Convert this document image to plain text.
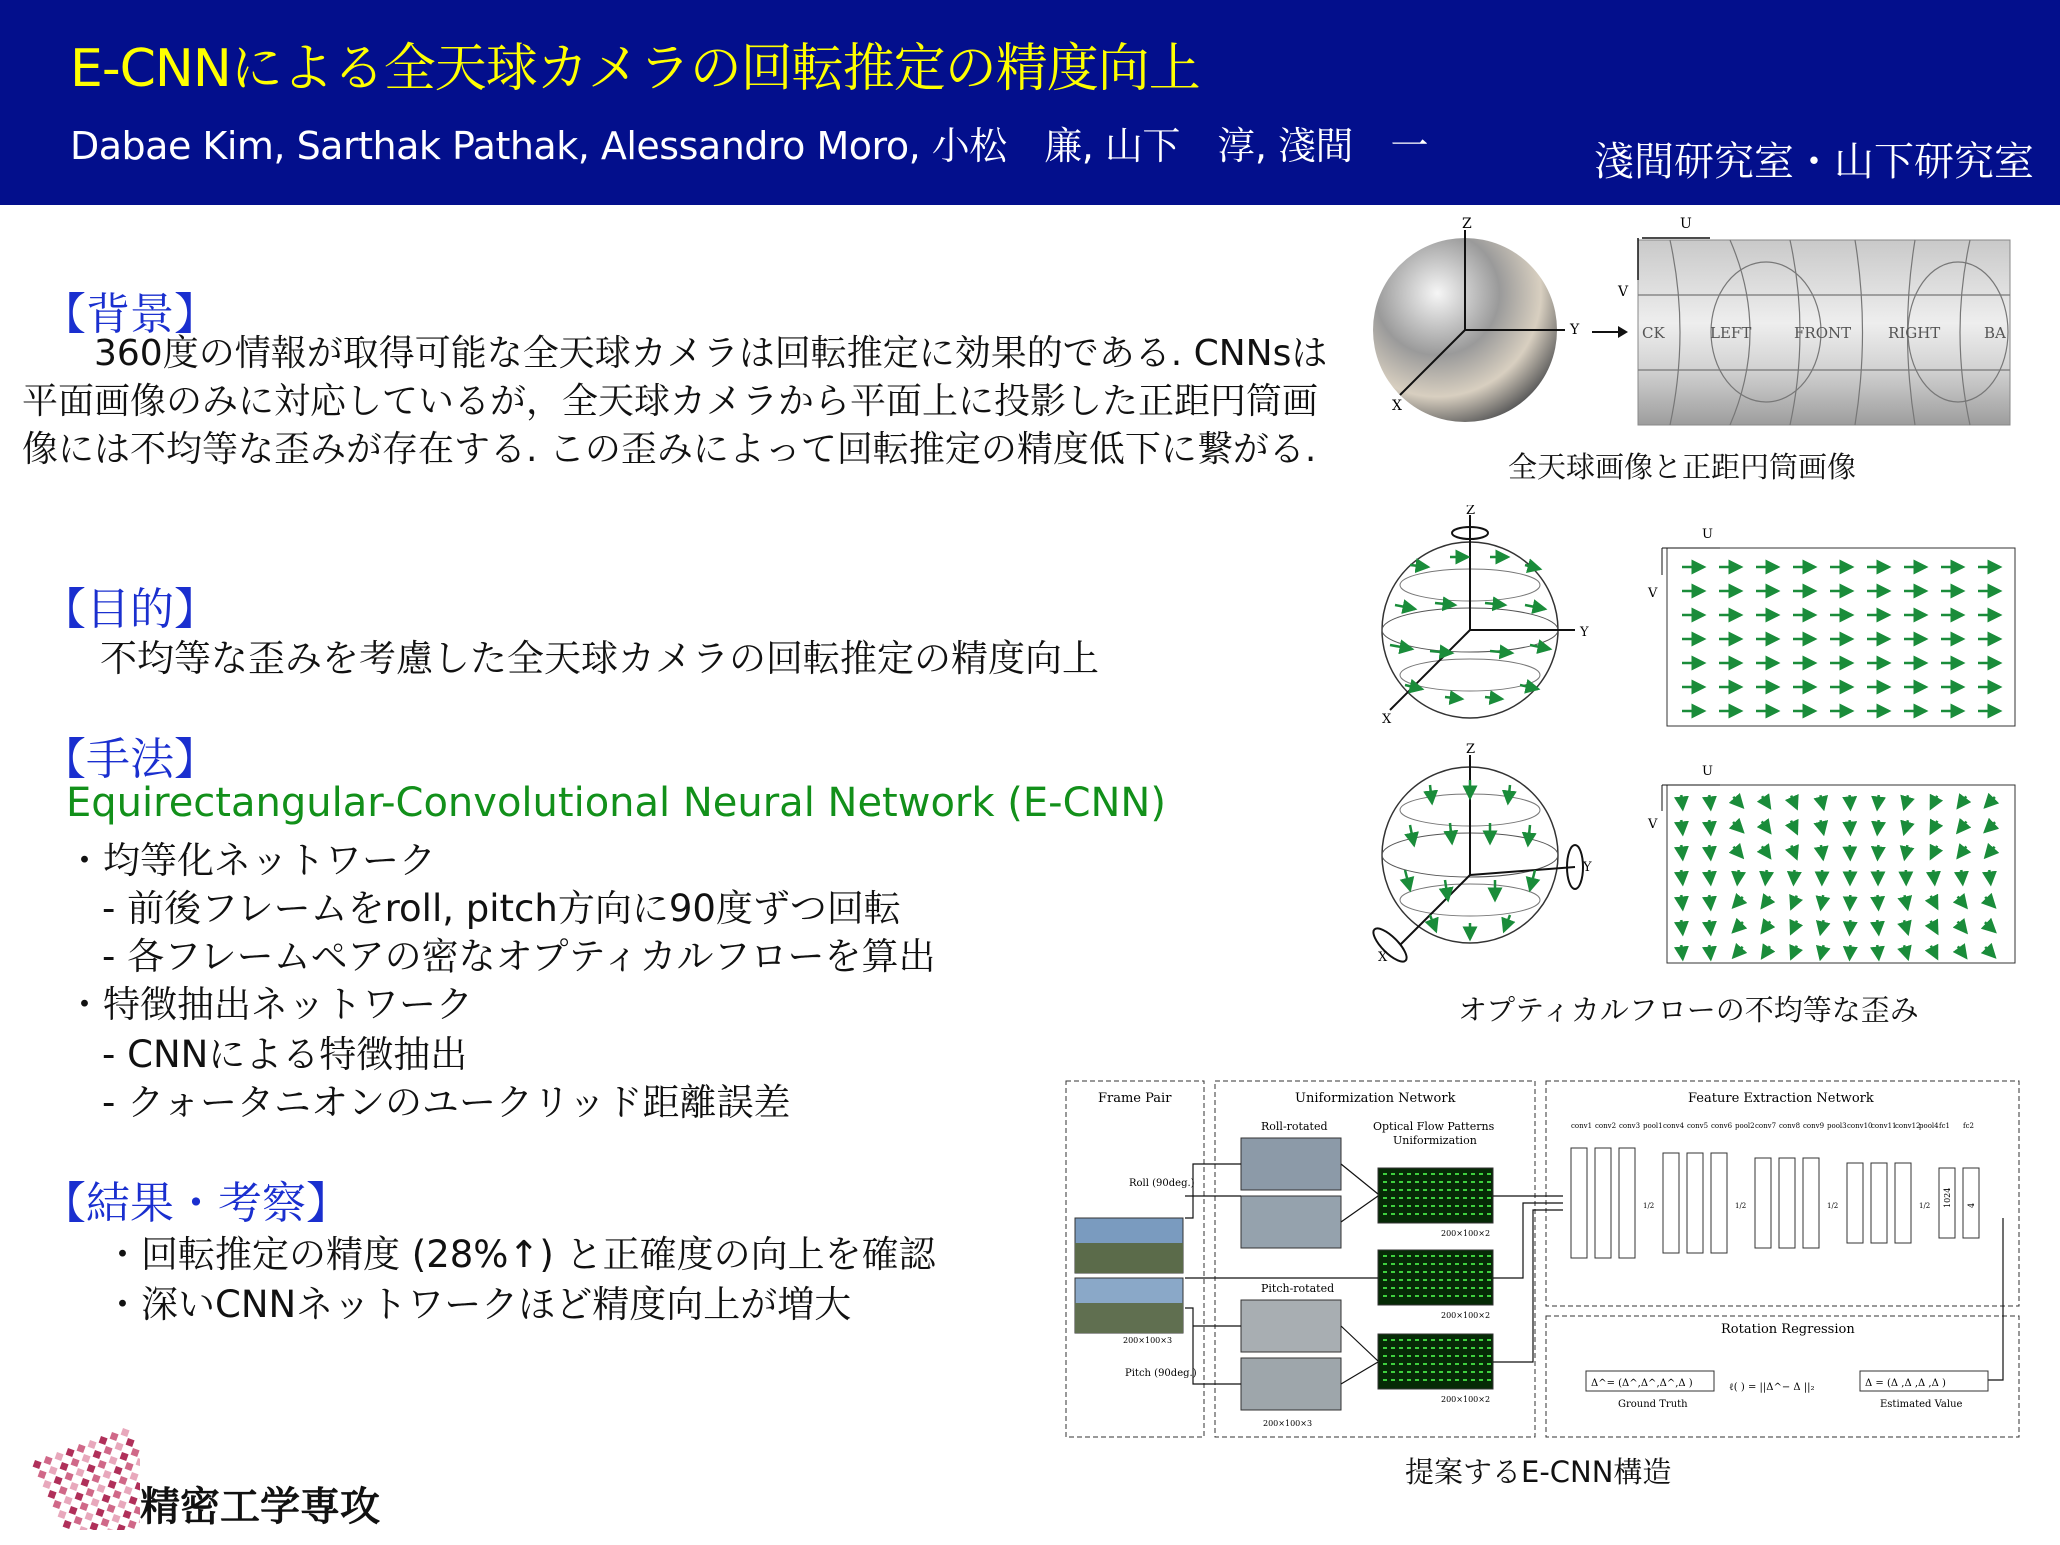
E-CNNによる全天球カメラの回転推定の精度向上
Dabae Kim, Sarthak Pathak, Alessandro Moro, 小松　廉, 山下　淳, 淺間　一	淺間研究室・山下研究室
【背景】
　　360度の情報が取得可能な全天球カメラは回転推定に効果的である. CNNsは平面画像のみに対応しているが，全天球カメラから平面上に投影した正距円筒画像には不均等な歪みが存在する. この歪みによって回転推定の精度低下に繋がる.
【目的】
不均等な歪みを考慮した全天球カメラの回転推定の精度向上
【手法】
Equirectangular-Convolutional Neural Network (E-CNN)
・均等化ネットワーク
- 前後フレームをroll, pitch方向に90度ずつ回転
- 各フレームペアの密なオプティカルフローを算出
・特徴抽出ネットワーク
- CNNによる特徴抽出
- クォータニオンのユークリッド距離誤差
【結果・考察】
・回転推定の精度 (28%↑) と正確度の向上を確認
・深いCNNネットワークほど精度向上が増大
Z
Y
X
U
V
CK	LEFT	FRONT RIGHT	BA
全天球画像と正距円筒画像
Z
Y
X
U
V
Z
Y
X
U
V
オプティカルフローの不均等な歪み
Frame Pair	Uniformization Network	Feature Extraction Network
Rotation Regression
200×100×3
Roll (90deg.)
Pitch (90deg.)
Roll-rotated
Pitch-rotated
200×100×3
Optical Flow Patterns
Uniformization
200×100×2
200×100×2
200×100×2
conv1 conv2 conv3 pool1
1/2
conv4 conv5 conv6 pool2
1/2
conv7 conv8 conv9 pool3
1/2
conv10
conv11
conv12
pool4
1/2
fc1
1024
fc2
4
Δ^= (Δ^,Δ^,Δ^,Δ )
Ground Truth
ℓ( ) = ||Δ^− Δ ||₂	Δ = (Δ ,Δ ,Δ ,Δ )
Estimated Value
提案するE-CNN構造
精密工学専攻
